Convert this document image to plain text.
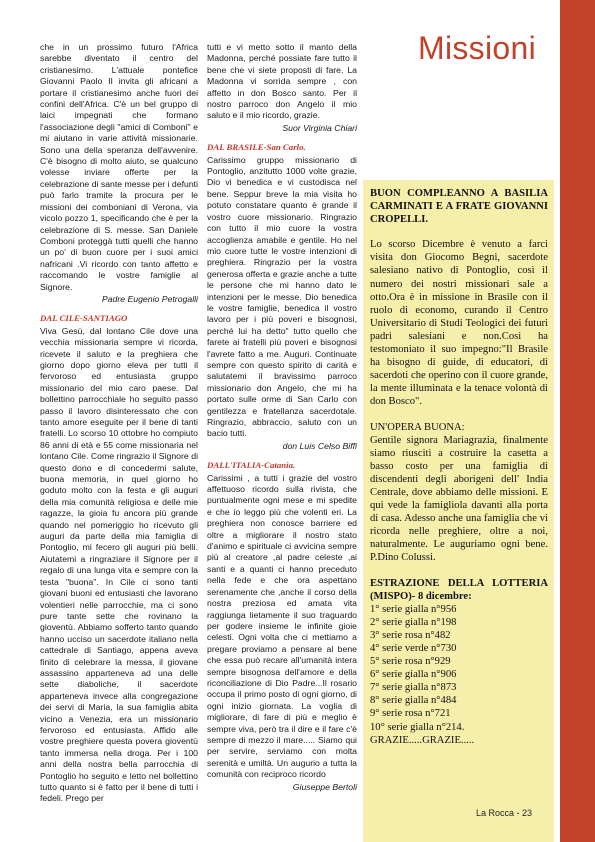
Missioni

che in un prossimo futuro l'Africa sarebbe diventato il centro del cristianesimo. L'attuale pontefice Giovanni Paolo II invita gli africani a portare il cristianesimo anche fuori dei confini dell'Africa. C'è un bel gruppo di laici impegnati che formano l'associazione degli "amici di Comboni" e mi aiutano in varie attività missionarie. Sono una della speranza dell'avvenire. C'è bisogno di molto aiuto, se qualcuno volesse inviare offerte per la celebrazione di sante messe per i defunti può farlo tramite la procura per le missioni dei comboniani di Verona, via vicolo pozzo 1, specificando che è per la celebrazione di S. messe. San Daniele Comboni proteggà tutti quelli che hanno un po' di buon cuore per i suoi amici nafricani .Vi ricordo con tanto affetto e raccomando le vostre famiglie al Signore.

Padre Eugenio Petrogalli
DAL CILE-SANTIAGO

Viva Gesù, dal lontano Cile dove una vecchia missionaria sempre vi ricorda, ricevete il saluto e la preghiera che giorno dopo giorno eleva per tutti il fervoroso ed entusiasta gruppo missionario del mio caro paese. Dal bollettino parrocchiale ho seguito passo passo il lavoro disinteressato che con tanto amore eseguite per il bene di tanti fratelli. Lo scorso 10 ottobre ho compiuto 86 anni di età e 55 come missionaria nel lontano Cile. Come ringrazio il Signore di questo dono e di concedermi salute, buona memoria, in quel giorno ho goduto molto con la festa e gli auguri della mia comunità religiosa e delle mie ragazze, la gioia fu ancora più grande quando nel pomeriggio ho ricevuto gli auguri da parte della mia famiglia di Pontoglio, mi fecero gli auguri più belli. Aiutatemi a ringraziare il Signore per il regalo di una lunga vita e sempre con la testa "buona". In Cile ci sono tanti giovani buoni ed entusiasti che lavorano volentieri nelle parrocchie, ma ci sono pure tante sette che rovinano la gioventù. Abbiamo sofferto tanto quando hanno ucciso un sacerdote italiano nella cattedrale di Santiago, appena aveva finito di celebrare la messa, il giovane assassino apparteneva ad una delle sette diaboliche, il sacerdote apparteneva invece alla congregazione dei servi di Maria, la sua famiglia abita vicino a Venezia, era un missionario fervoroso ed entusiasta. Affido alle vostre preghiere questa povera gioventù tanto immersa nella droga. Per i 100 anni della nostra bella parrocchia di Pontoglio ho seguito e letto nel bollettino tutto quanto si è fatto per il bene di tutti i fedeli. Prego per

tutti e vi metto sotto il manto della Madonna, perché possiate fare tutto il bene che vi siete proposti di fare. La Madonna vi sorrida sempre , con affetto in don Bosco santo. Per il nostro parroco don Angelo il mio saluto e il mio ricordo, grazie.

Suor Virginia Chiari
DAL BRASILE-San Carlo.

Carissimo gruppo missionario di Pontoglio, anzitutto 1000 volte grazie, Dio vi benedica e vi custodisca nel bene. Seppur breve la mia visita ho potuto constatare quanto è grande il vostro cuore missionario. Ringrazio con tutto il mio cuore la vostra accoglienza amabile e gentile. Ho nel mio cuore tutte le vostre intenzioni di preghiera. Ringrazio per la vostra generosa offerta e grazie anche a tutte le persone che mi hanno dato le intenzioni per le messe. Dio benedica le vostre famiglie, benedica il vostro lavoro per i più poveri e bisognosi, perché lui ha detto" tutto quello che farete ai fratelli più poveri e bisognosi l'avrete fatto a me. Auguri. Continuate sempre con questo spirito di carità e salutatemi il bravissimo parroco missionario don Angelo, che mi ha portato sulle orme di San Carlo con gentilezza e fratellanza sacerdotale. Ringrazio, abbraccio, saluto con un bacio tutti.

don Luis Celso Biffi
DALL'ITALIA-Catania.

Carissimi , a tutti i grazie del vostro affettuoso ricordo sulla rivista, che puntualmente ogni mese e mi spedite e che io leggo più che volenti eri. La preghiera non conosce barriere ed oltre a migliorare il nostro stato d'animo e spirituale ci avvicina sempre più al creatore ,al padre celeste ,ai santi e a quanti ci hanno preceduto nella fede e che ora aspettano serenamente che ,anche il corso della nostra preziosa ed amata vita raggiunga lietamente il suo traguardo per godere insieme le infinite gioie celesti. Ogni volta che ci mettiamo a pregare proviamo a pensare al bene che essa può recare all'umanità intera sempre bisognosa dell'amore e della riconciliazione di Dio Padre...Il rosario occupa il primo posto di ogni giorno, di ogni inizio giornata. La voglia di migliorare, di fare di più e meglio è sempre viva, però tra il dire e il fare c'è sempre di mezzo il mare..... Siamo qui per servire, serviamo con molta serenità e umiltà. Un augurio a tutta la comunità con reciproco ricordo

Giuseppe Bertoli
BUON COMPLEANNO A BASILIA CARMINATI E A FRATE GIOVANNI CROPELLI.
Lo scorso Dicembre è venuto a farci visita don Giocomo Begni, sacerdote salesiano nativo di Pontoglio, così il numero dei nostri missionari sale a otto.Ora è in missione in Brasile con il ruolo di economo, curando il Centro Universitario di Studi Teologici dei futuri padri salesiani e non.Così ha testomoniato il suo impegno:"Il Brasile ha bisogno di guide, di educatori, di sacerdoti che operino con il cuore grande, la mente illuminata e la tenace volontà di don Bosco".
UN'OPERA BUONA:
Gentile signora Mariagrazia, finalmente siamo riusciti a costruire la casetta a basso costo per una famiglia di discendenti degli aborigeni dell' India Centrale, dove abbiamo delle missioni. E qui vede la famigliola davanti alla porta di casa. Adesso anche una famiglia che vi ricorda nelle preghiere, oltre a noi, naturalmente. Le auguriamo ogni bene. P.Dino Colussi.
ESTRAZIONE DELLA LOTTERIA (MISPO)- 8 dicembre:
1° serie gialla n°956
2° serie gialla n°198
3° serie rosa n°482
4° serie verde n°730
5° serie rosa n°929
6° serie gialla n°906
7° serie gialla n°873
8° serie gialla n°484
9° serie rosa n°721
10° serie gialla n°214.
GRAZIE.....GRAZIE.....
La Rocca - 23
